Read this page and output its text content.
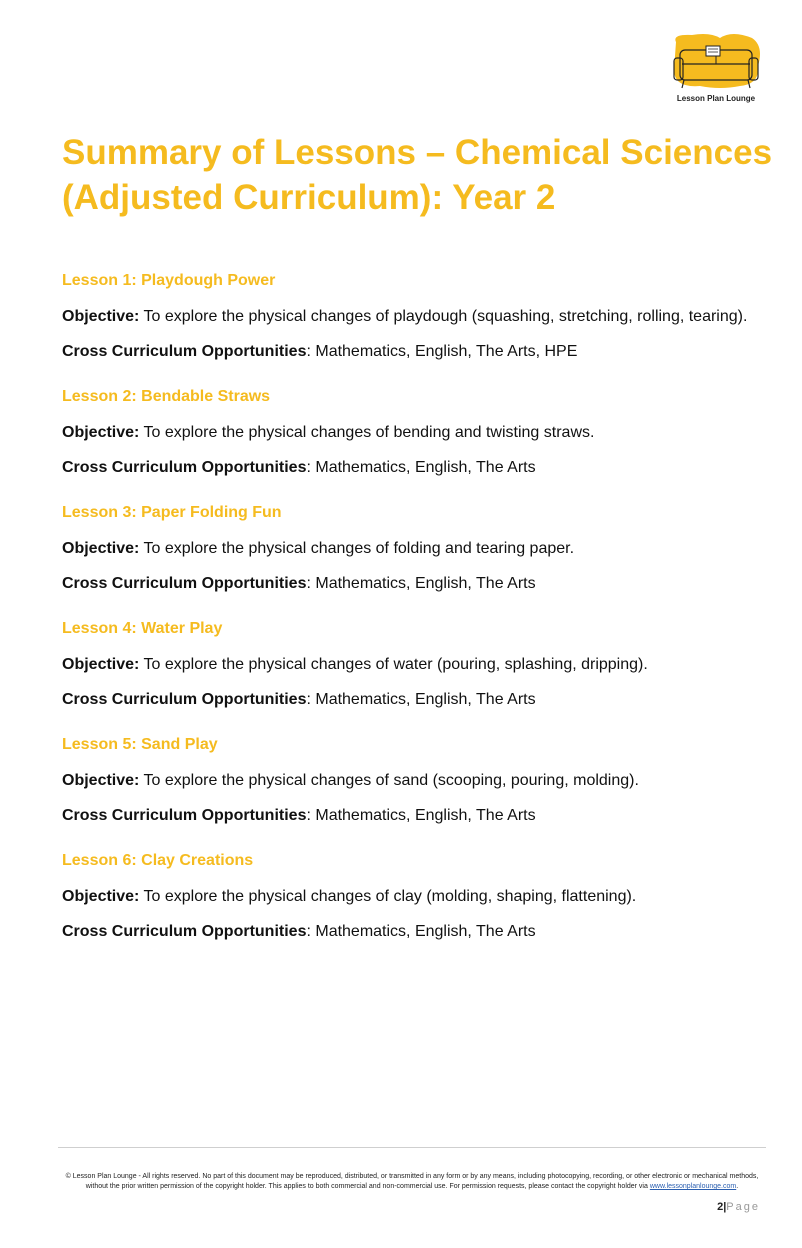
Lesson Plan Lounge
Summary of Lessons – Chemical Sciences (Adjusted Curriculum): Year 2
Lesson 1: Playdough Power

Objective: To explore the physical changes of playdough (squashing, stretching, rolling, tearing).

Cross Curriculum Opportunities: Mathematics, English, The Arts, HPE

Lesson 2: Bendable Straws

Objective: To explore the physical changes of bending and twisting straws.

Cross Curriculum Opportunities: Mathematics, English, The Arts

Lesson 3: Paper Folding Fun

Objective: To explore the physical changes of folding and tearing paper.

Cross Curriculum Opportunities: Mathematics, English, The Arts

Lesson 4: Water Play

Objective: To explore the physical changes of water (pouring, splashing, dripping).

Cross Curriculum Opportunities: Mathematics, English, The Arts

Lesson 5: Sand Play

Objective: To explore the physical changes of sand (scooping, pouring, molding).

Cross Curriculum Opportunities: Mathematics, English, The Arts

Lesson 6: Clay Creations

Objective: To explore the physical changes of clay (molding, shaping, flattening).

Cross Curriculum Opportunities: Mathematics, English, The Arts

© Lesson Plan Lounge - All rights reserved. No part of this document may be reproduced, distributed, or transmitted in any form or by any means, including photocopying, recording, or other electronic or mechanical methods, without the prior written permission of the copyright holder. This applies to both commercial and non-commercial use. For permission requests, please contact the copyright holder via www.lessonplanlounge.com.
2|Page
